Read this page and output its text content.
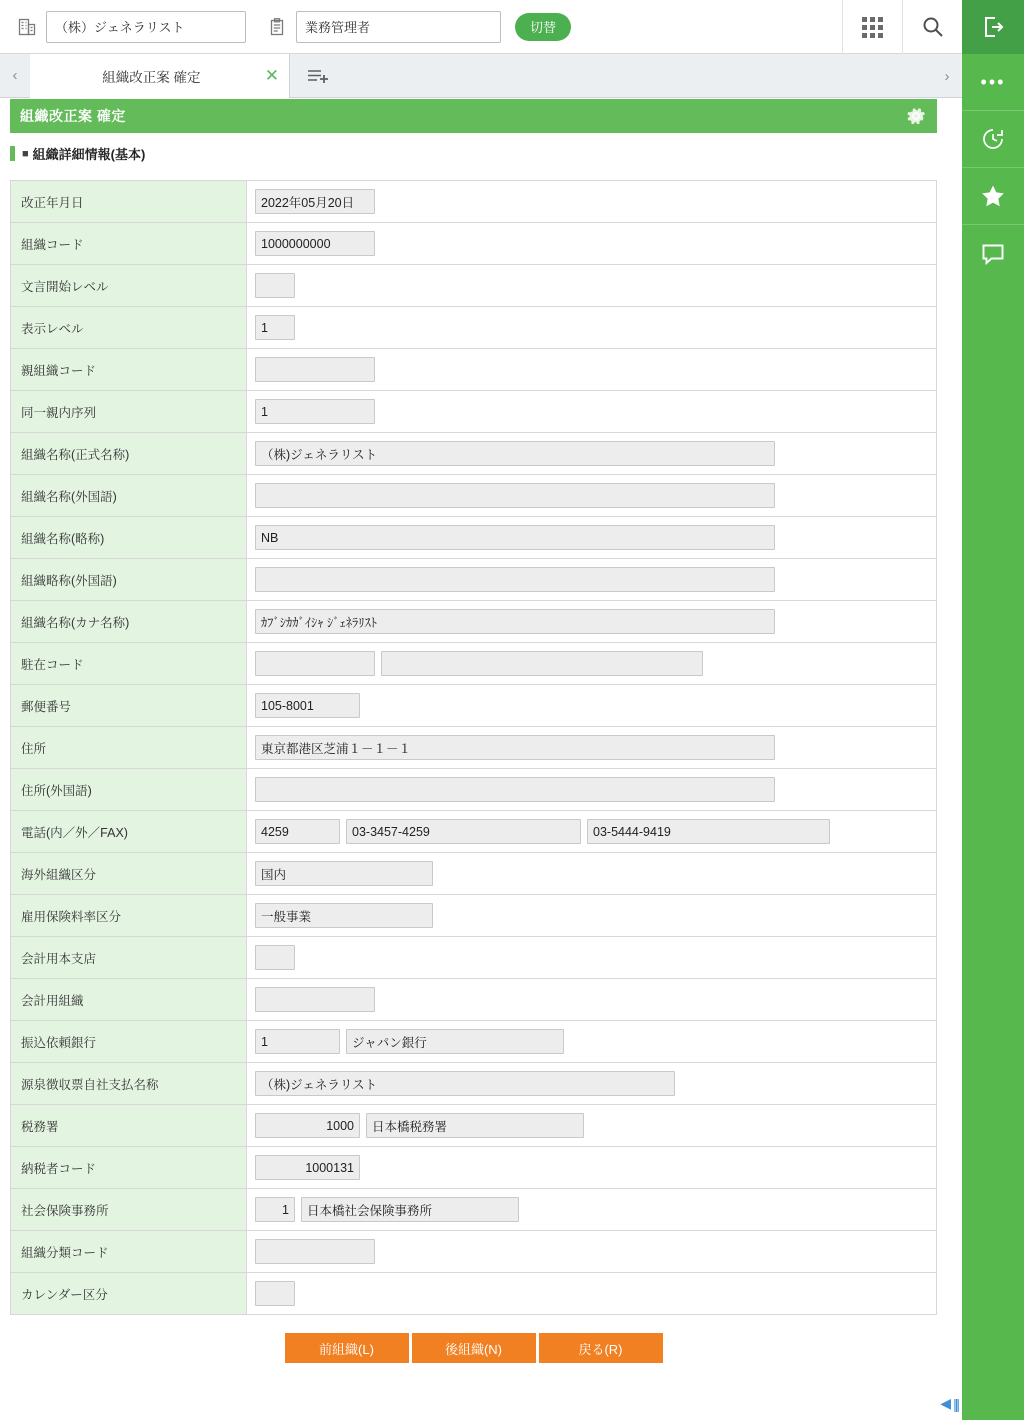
（株）ジェネラリスト	業務管理者	切替
‹	組織改正案 確定	✕	›
組織改正案 確定
■ 組織詳細情報(基本)
改正年月日	2022年05月20日
組織コード	1000000000
文言開始レベル
表示レベル	1
親組織コード
同一親内序列	1
組織名称(正式名称)	（株)ジェネラリスト
組織名称(外国語)
組織名称(略称)	NB
組織略称(外国語)
組織名称(カナ名称)	ｶﾌﾞｼｶｶﾞｲｼｬ ｼﾞｪﾈﾗﾘｽﾄ
駐在コード
郵便番号	105-8001
住所	東京都港区芝浦１－１－１
住所(外国語)
電話(内／外／FAX)	4259	03-3457-4259	03-5444-9419
海外組織区分	国内
雇用保険料率区分	一般事業
会計用本支店
会計用組織
振込依頼銀行	1	ジャパン銀行
源泉徴収票自社支払名称	（株)ジェネラリスト
税務署	1000	日本橋税務署
納税者コード	1000131
社会保険事務所	1	日本橋社会保険事務所
組織分類コード
カレンダー区分
前組織(L)	後組織(N)	戻る(R)
•••
◀ |||
